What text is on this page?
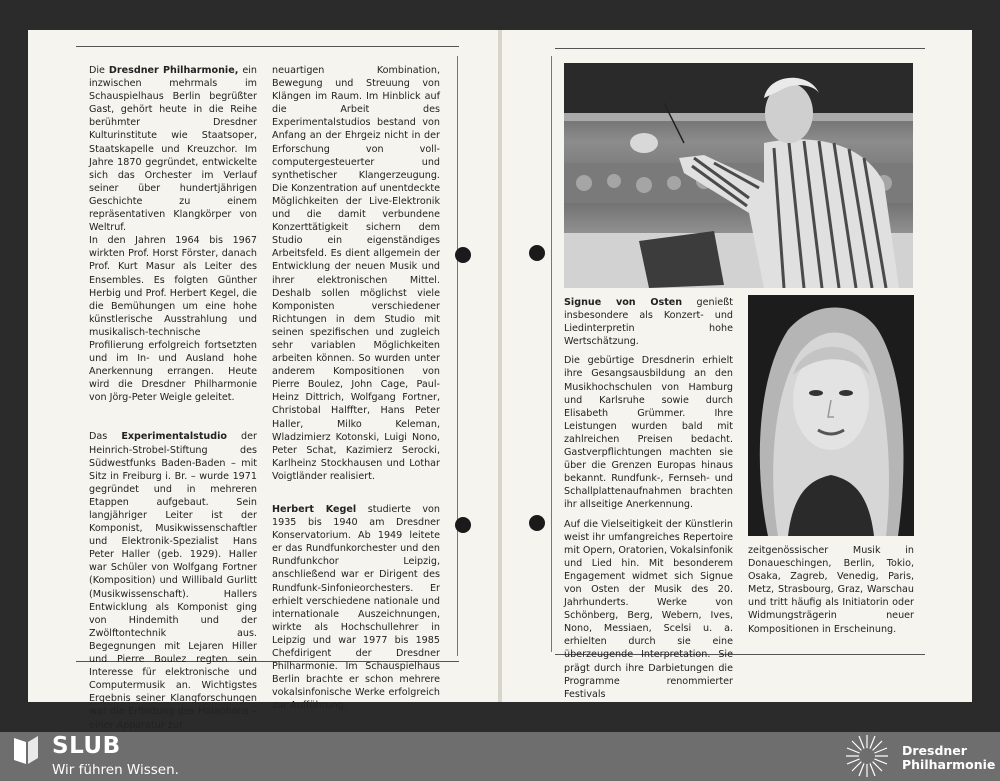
Die Dresdner Philharmonie, ein inzwischen mehrmals im Schauspielhaus Berlin begrüßter Gast, gehört heute in die Reihe berühmter Dresdner Kulturinstitute wie Staatsoper, Staatskapelle und Kreuzchor. Im Jahre 1870 gegründet, entwickelte sich das Orchester im Verlauf seiner über hundertjährigen Geschichte zu einem repräsentativen Klangkörper von Weltruf.

In den Jahren 1964 bis 1967 wirkten Prof. Horst Förster, danach Prof. Kurt Masur als Leiter des Ensembles. Es folgten Günther Herbig und Prof. Herbert Kegel, die die Bemühungen um eine hohe künstlerische Ausstrahlung und musikalisch-technische Profilierung erfolgreich fortsetzten und im In- und Ausland hohe Anerkennung errangen. Heute wird die Dresdner Philharmonie von Jörg-Peter Weigle geleitet.

Das Experimentalstudio der Heinrich-Strobel-Stiftung des Südwestfunks Baden-Baden – mit Sitz in Freiburg i. Br. – wurde 1971 gegründet und in mehreren Etappen aufgebaut. Sein langjähriger Leiter ist der Komponist, Musikwissenschaftler und Elektronik-Spezialist Hans Peter Haller (geb. 1929). Haller war Schüler von Wolfgang Fortner (Komposition) und Willibald Gurlitt (Musikwissenschaft). Hallers Entwicklung als Komponist ging von Hindemith und der Zwölftontechnik aus. Begegnungen mit Lejaren Hiller und Pierre Boulez regten sein Interesse für elektronische und Computermusik an. Wichtigstes Ergebnis seiner Klangforschungen war die Erfindung des Halaphons – einer Apparatur zur

neuartigen Kombination, Bewegung und Streuung von Klängen im Raum. Im Hinblick auf die Arbeit des Experimentalstudios bestand von Anfang an der Ehrgeiz nicht in der Erforschung von voll-computergesteuerter und synthetischer Klangerzeugung. Die Konzentration auf unentdeckte Möglichkeiten der Live-Elektronik und die damit verbundene Konzerttätigkeit sichern dem Studio ein eigenständiges Arbeitsfeld. Es dient allgemein der Entwicklung der neuen Musik und ihrer elektronischen Mittel. Deshalb sollen möglichst viele Komponisten verschiedener Richtungen in dem Studio mit seinen spezifischen und zugleich sehr variablen Möglichkeiten arbeiten können. So wurden unter anderem Kompositionen von Pierre Boulez, John Cage, Paul-Heinz Dittrich, Wolfgang Fortner, Christobal Halffter, Hans Peter Haller, Milko Keleman, Wladzimierz Kotonski, Luigi Nono, Peter Schat, Kazimierz Serocki, Karlheinz Stockhausen und Lothar Voigtländer realisiert.

Herbert Kegel studierte von 1935 bis 1940 am Dresdner Konservatorium. Ab 1949 leitete er das Rundfunkorchester und den Rundfunkchor Leipzig, anschließend war er Dirigent des Rundfunk-Sinfonieorchesters. Er erhielt verschiedene nationale und internationale Auszeichnungen, wirkte als Hochschullehrer in Leipzig und war 1977 bis 1985 Chefdirigent der Dresdner Philharmonie. Im Schauspielhaus Berlin brachte er schon mehrere vokalsinfonische Werke erfolgreich zur Aufführung.

Signue von Osten genießt insbesondere als Konzert- und Liedinterpretin hohe Wertschätzung.

Die gebürtige Dresdnerin erhielt ihre Gesangsausbildung an den Musikhochschulen von Hamburg und Karlsruhe sowie durch Elisabeth Grümmer. Ihre Leistungen wurden bald mit zahlreichen Preisen bedacht. Gastverpflichtungen machten sie über die Grenzen Europas hinaus bekannt. Rundfunk-, Fernseh- und Schallplattenaufnahmen brachten ihr allseitige Anerkennung.

Auf die Vielseitigkeit der Künstlerin weist ihr umfangreiches Repertoire mit Opern, Oratorien, Vokalsinfonik und Lied hin. Mit besonderem Engagement widmet sich Signue von Osten der Musik des 20. Jahrhunderts. Werke von Schönberg, Berg, Webern, Ives, Nono, Messiaen, Scelsi u. a. erhielten durch sie eine überzeugende Interpretation. Sie prägt durch ihre Darbietungen die Programme renommierter Festivals

zeitgenössischer Musik in Donaueschingen, Berlin, Tokio, Osaka, Zagreb, Venedig, Paris, Metz, Strasbourg, Graz, Warschau und tritt häufig als Initiatorin oder Widmungsträgerin neuer Kompositionen in Erscheinung.

SLUB
Wir führen Wissen.
Dresdner
Philharmonie
